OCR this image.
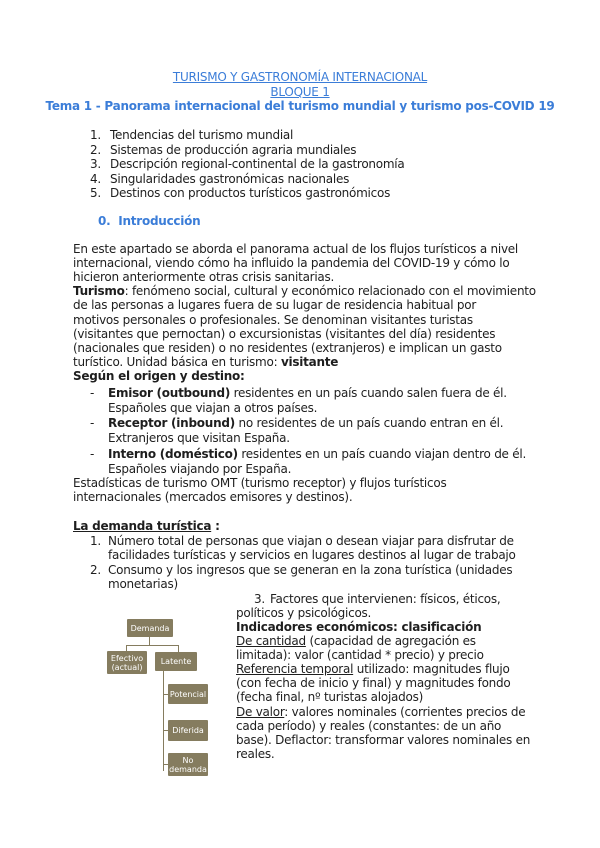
TURISMO Y GASTRONOMÍA INTERNACIONAL
BLOQUE 1
Tema 1 - Panorama internacional del turismo mundial y turismo pos-COVID 19
1. Tendencias del turismo mundial
2. Sistemas de producción agraria mundiales
3. Descripción regional-continental de la gastronomía
4. Singularidades gastronómicas nacionales
5. Destinos con productos turísticos gastronómicos
0. Introducción
En este apartado se aborda el panorama actual de los flujos turísticos a nivel
internacional, viendo cómo ha influido la pandemia del COVID-19 y cómo lo
hicieron anteriormente otras crisis sanitarias.
Turismo: fenómeno social, cultural y económico relacionado con el movimiento
de las personas a lugares fuera de su lugar de residencia habitual por
motivos personales o profesionales. Se denominan visitantes turistas
(visitantes que pernoctan) o excursionistas (visitantes del día) residentes
(nacionales que residen) o no residentes (extranjeros) e implican un gasto
turístico. Unidad básica en turismo: visitante
Según el origen y destino:
- Emisor (outbound) residentes en un país cuando salen fuera de él.
Españoles que viajan a otros países.
- Receptor (inbound) no residentes de un país cuando entran en él.
Extranjeros que visitan España.
- Interno (doméstico) residentes en un país cuando viajan dentro de él.
Españoles viajando por España.
Estadísticas de turismo OMT (turismo receptor) y flujos turísticos
internacionales (mercados emisores y destinos).
La demanda turística :
1. Número total de personas que viajan o desean viajar para disfrutar de
facilidades turísticas y servicios en lugares destinos al lugar de trabajo
2. Consumo y los ingresos que se generan en la zona turística (unidades
monetarias)
Demanda
Efectivo (actual)
Latente
Potencial
Diferida
No demanda
3. Factores que intervienen: físicos, éticos,
políticos y psicológicos.
Indicadores económicos: clasificación
De cantidad (capacidad de agregación es
limitada): valor (cantidad * precio) y precio
Referencia temporal utilizado: magnitudes flujo
(con fecha de inicio y final) y magnitudes fondo
(fecha final, nº turistas alojados)
De valor: valores nominales (corrientes precios de
cada período) y reales (constantes: de un año
base). Deflactor: transformar valores nominales en
reales.
